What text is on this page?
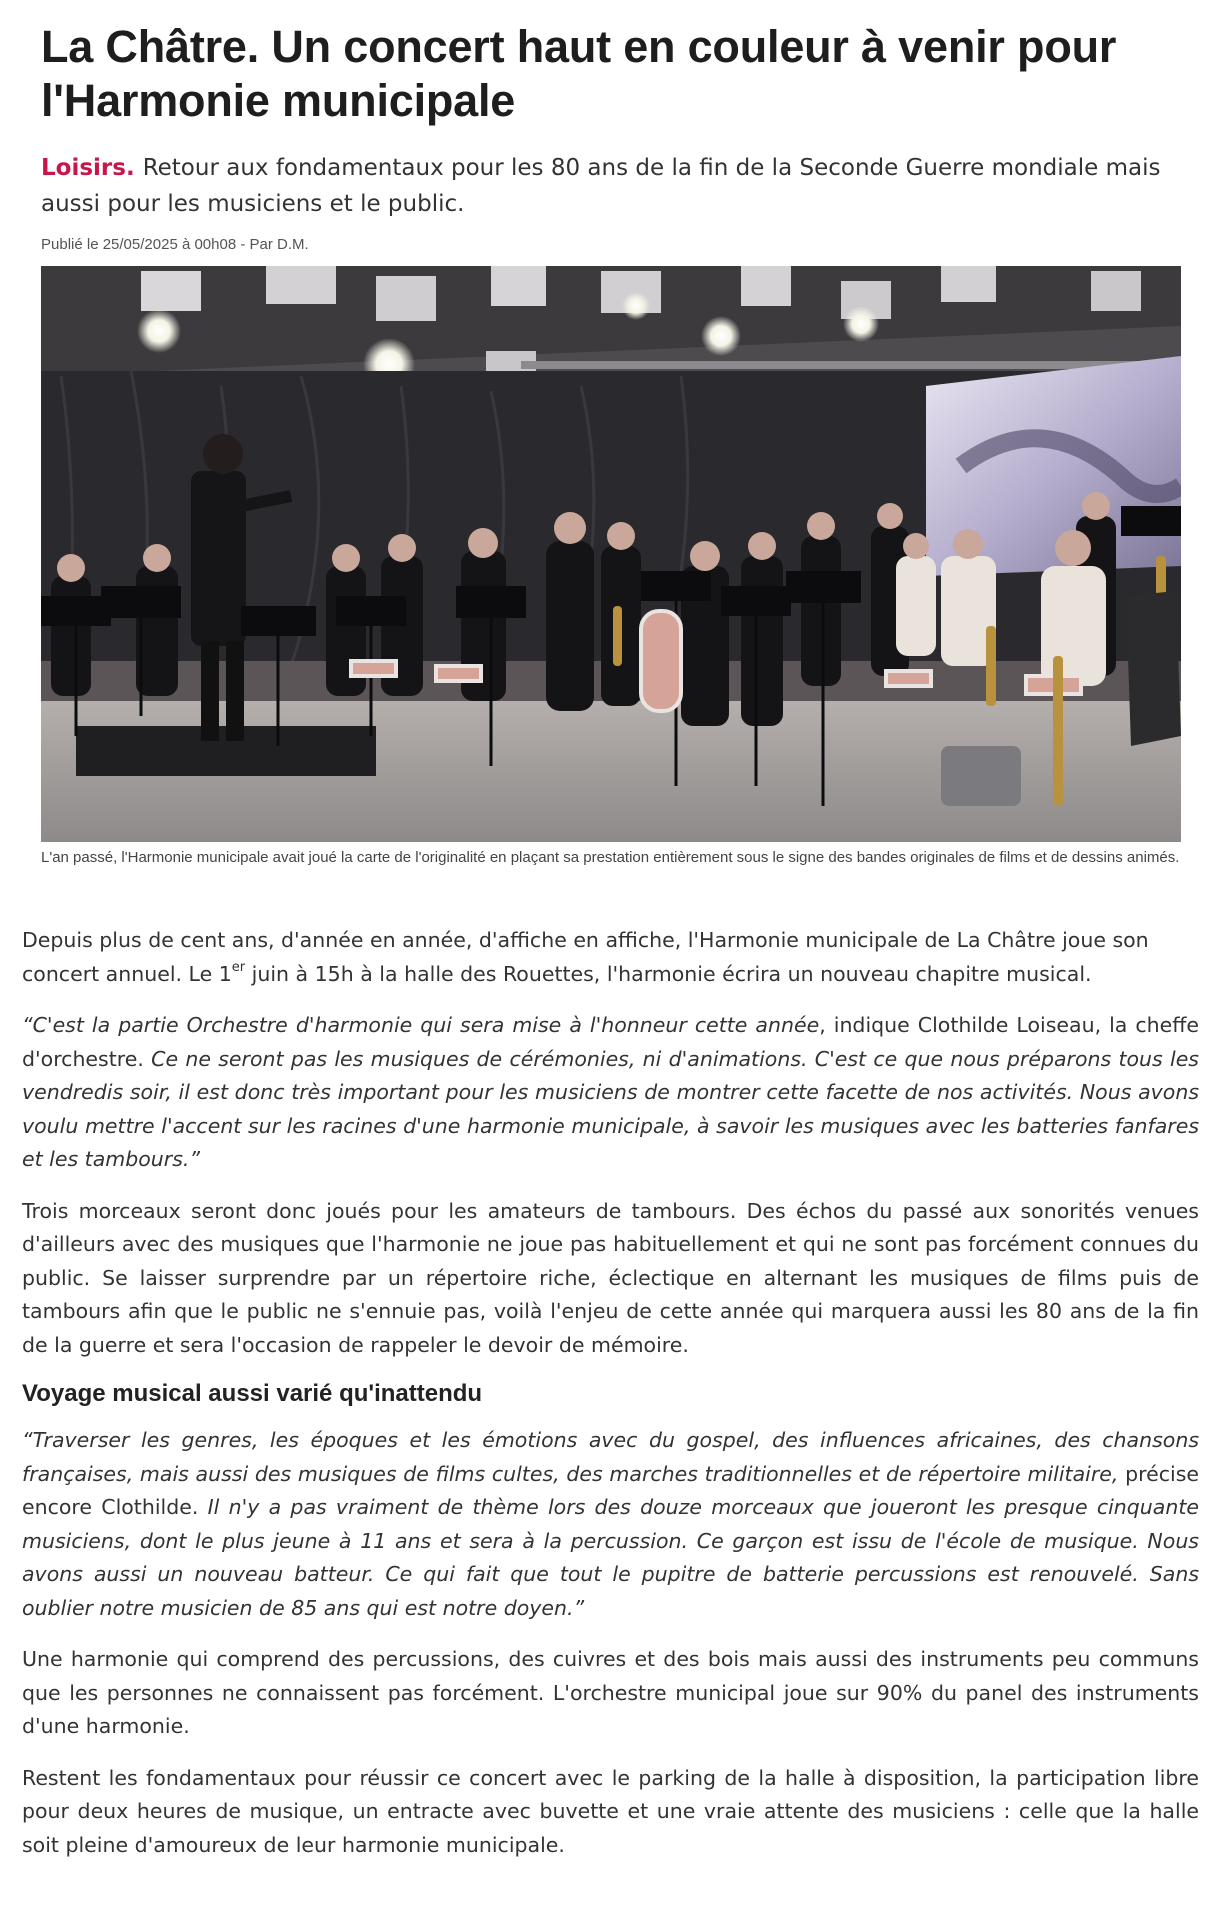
La Châtre. Un concert haut en couleur à venir pour l'Harmonie municipale
Loisirs. Retour aux fondamentaux pour les 80 ans de la fin de la Seconde Guerre mondiale mais aussi pour les musiciens et le public.
Publié le 25/05/2025 à 00h08 - Par D.M.
L'an passé, l'Harmonie municipale avait joué la carte de l'originalité en plaçant sa prestation entièrement sous le signe des bandes originales de films et de dessins animés.

Depuis plus de cent ans, d'année en année, d'affiche en affiche, l'Harmonie municipale de La Châtre joue son concert annuel. Le 1er juin à 15h à la halle des Rouettes, l'harmonie écrira un nouveau chapitre musical.

“C'est la partie Orchestre d'harmonie qui sera mise à l'honneur cette année, indique Clothilde Loiseau, la cheffe d'orchestre. Ce ne seront pas les musiques de cérémonies, ni d'animations. C'est ce que nous préparons tous les vendredis soir, il est donc très important pour les musiciens de montrer cette facette de nos activités. Nous avons voulu mettre l'accent sur les racines d'une harmonie municipale, à savoir les musiques avec les batteries fanfares et les tambours.”

Trois morceaux seront donc joués pour les amateurs de tambours. Des échos du passé aux sonorités venues d'ailleurs avec des musiques que l'harmonie ne joue pas habituellement et qui ne sont pas forcément connues du public. Se laisser surprendre par un répertoire riche, éclectique en alternant les musiques de films puis de tambours afin que le public ne s'ennuie pas, voilà l'enjeu de cette année qui marquera aussi les 80 ans de la fin de la guerre et sera l'occasion de rappeler le devoir de mémoire.

Voyage musical aussi varié qu'inattendu

“Traverser les genres, les époques et les émotions avec du gospel, des influences africaines, des chansons françaises, mais aussi des musiques de films cultes, des marches traditionnelles et de répertoire militaire, précise encore Clothilde. Il n'y a pas vraiment de thème lors des douze morceaux que joueront les presque cinquante musiciens, dont le plus jeune à 11 ans et sera à la percussion. Ce garçon est issu de l'école de musique. Nous avons aussi un nouveau batteur. Ce qui fait que tout le pupitre de batterie percussions est renouvelé. Sans oublier notre musicien de 85 ans qui est notre doyen.”

Une harmonie qui comprend des percussions, des cuivres et des bois mais aussi des instruments peu communs que les personnes ne connaissent pas forcément. L'orchestre municipal joue sur 90% du panel des instruments d'une harmonie.

Restent les fondamentaux pour réussir ce concert avec le parking de la halle à disposition, la participation libre pour deux heures de musique, un entracte avec buvette et une vraie attente des musiciens : celle que la halle soit pleine d'amoureux de leur harmonie municipale.
